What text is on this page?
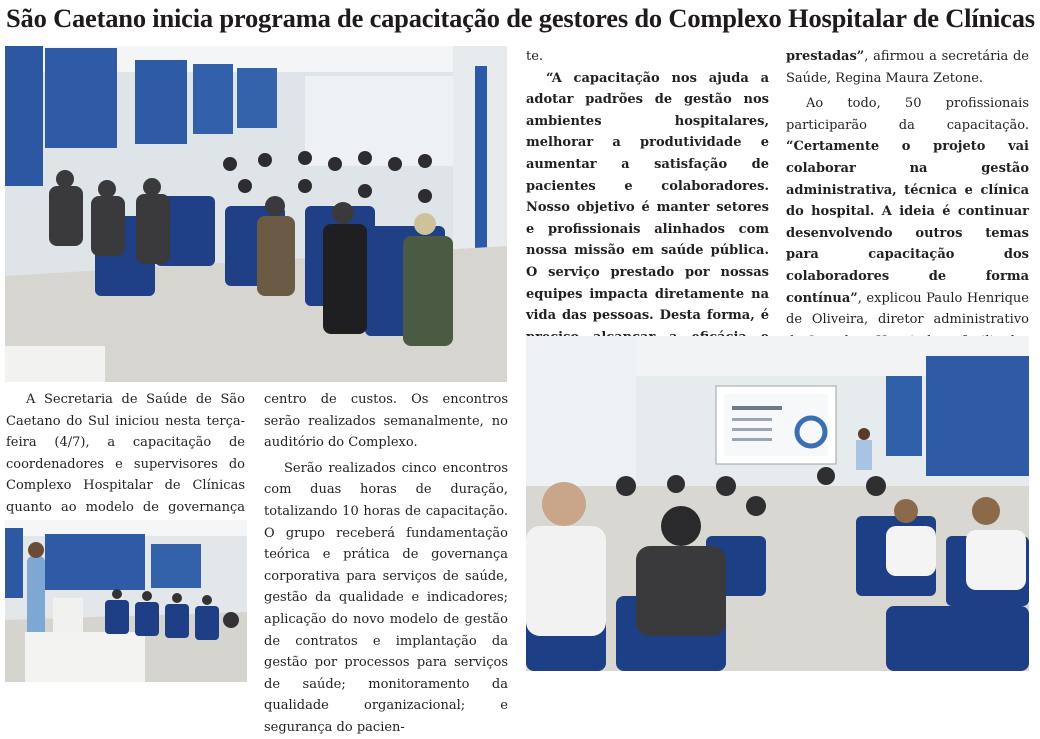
São Caetano inicia programa de capacitação de gestores do Complexo Hospitalar de Clínicas

A Secretaria de Saúde de São Caetano do Sul iniciou nesta terça-feira (4/7), a capacitação de coordenadores e supervisores do Complexo Hospitalar de Clínicas quanto ao modelo de governança

centro de custos. Os encontros serão realizados semanalmente, no auditório do Complexo.

Serão realizados cinco encontros com duas horas de duração, totalizando 10 horas de capacitação. O grupo receberá fundamentação teórica e prática de governança corporativa para serviços de saúde, gestão da qualidade e indicadores; aplicação do novo modelo de gestão de contratos e implantação da gestão por processos para serviços de saúde; monitoramento da qualidade organizacional; e segurança do pacien-

te.

“A capacitação nos ajuda a adotar padrões de gestão nos ambientes hospitalares, melhorar a produtividade e aumentar a satisfação de pacientes e colaboradores. Nosso objetivo é manter setores e profissionais alinhados com nossa missão em saúde pública. O serviço prestado por nossas equipes impacta diretamente na vida das pessoas. Desta forma, é

prestadas”, afirmou a secretária de Saúde, Regina Maura Zetone.

Ao todo, 50 profissionais participarão da capacitação. “Certamente o projeto vai colaborar na gestão administrativa, técnica e clínica do hospital. A ideia é continuar desenvolvendo outros temas para capacitação dos colaboradores de forma contínua”, explicou Paulo Henrique de Oliveira, diretor administrativo
